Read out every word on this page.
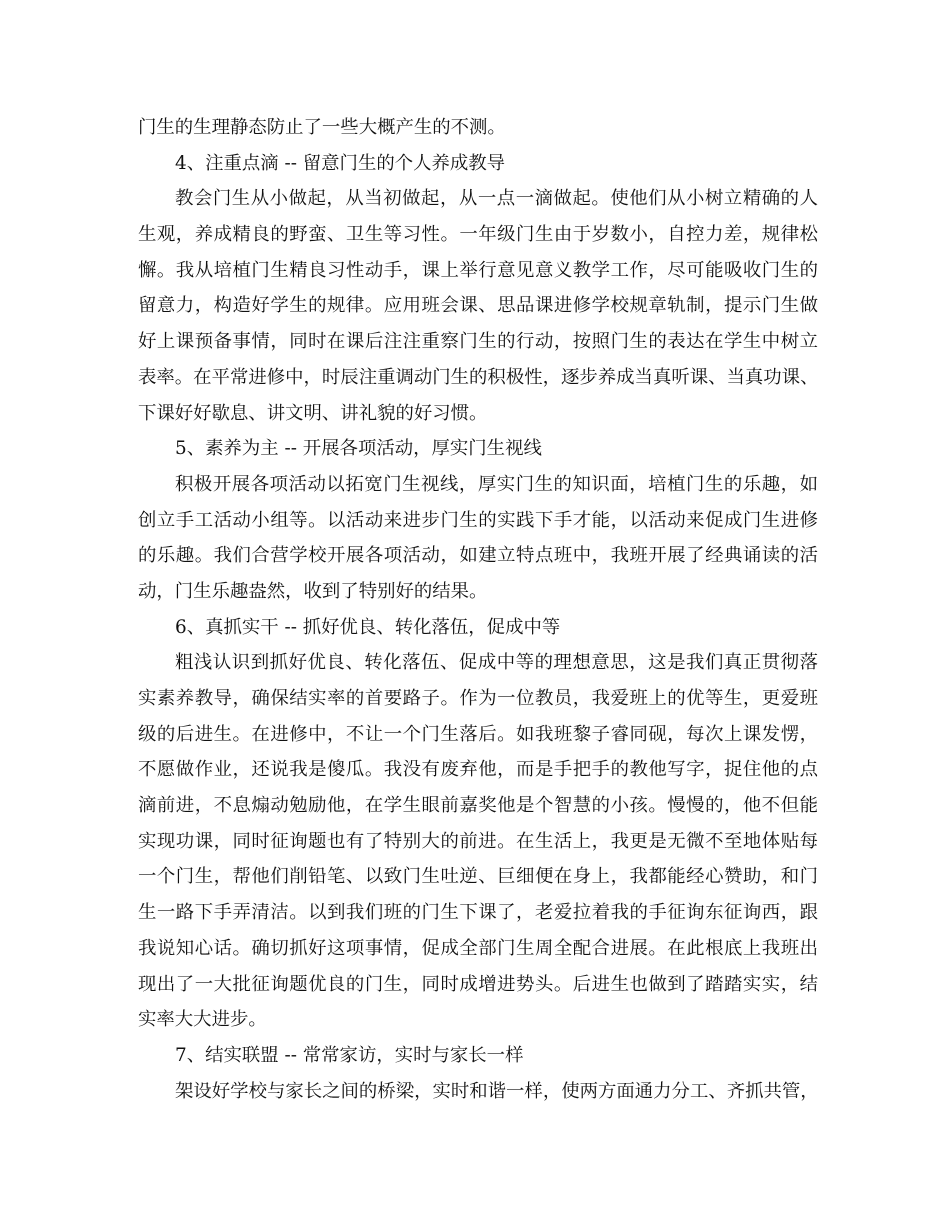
门生的生理静态防止了一些大概产生的不测。
4、注重点滴 -- 留意门生的个人养成教导
教会门生从小做起，从当初做起，从一点一滴做起。使他们从小树立精确的人
生观，养成精良的野蛮、卫生等习性。一年级门生由于岁数小，自控力差，规律松
懈。我从培植门生精良习性动手，课上举行意见意义教学工作，尽可能吸收门生的
留意力，构造好学生的规律。应用班会课、思品课进修学校规章轨制，提示门生做
好上课预备事情，同时在课后注注重察门生的行动，按照门生的表达在学生中树立
表率。在平常进修中，时辰注重调动门生的积极性，逐步养成当真听课、当真功课、
下课好好歇息、讲文明、讲礼貌的好习惯。
5、素养为主 -- 开展各项活动，厚实门生视线
积极开展各项活动以拓宽门生视线，厚实门生的知识面，培植门生的乐趣，如
创立手工活动小组等。以活动来进步门生的实践下手才能，以活动来促成门生进修
的乐趣。我们合营学校开展各项活动，如建立特点班中，我班开展了经典诵读的活
动，门生乐趣盎然，收到了特别好的结果。
6、真抓实干 -- 抓好优良、转化落伍，促成中等
粗浅认识到抓好优良、转化落伍、促成中等的理想意思，这是我们真正贯彻落
实素养教导，确保结实率的首要路子。作为一位教员，我爱班上的优等生，更爱班
级的后进生。在进修中，不让一个门生落后。如我班黎子睿同砚，每次上课发愣，
不愿做作业，还说我是傻瓜。我没有废弃他，而是手把手的教他写字，捉住他的点
滴前进，不息煽动勉励他，在学生眼前嘉奖他是个智慧的小孩。慢慢的，他不但能
实现功课，同时征询题也有了特别大的前进。在生活上，我更是无微不至地体贴每
一个门生，帮他们削铅笔、以致门生吐逆、巨细便在身上，我都能经心赞助，和门
生一路下手弄清洁。以到我们班的门生下课了，老爱拉着我的手征询东征询西，跟
我说知心话。确切抓好这项事情，促成全部门生周全配合进展。在此根底上我班出
现出了一大批征询题优良的门生，同时成增进势头。后进生也做到了踏踏实实，结
实率大大进步。
7、结实联盟 -- 常常家访，实时与家长一样
架设好学校与家长之间的桥梁，实时和谐一样，使两方面通力分工、齐抓共管，
